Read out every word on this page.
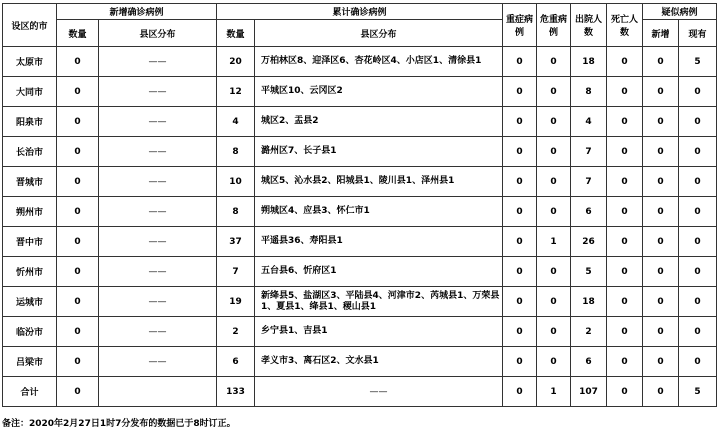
设区的市	新增确诊病例		累计确诊病例		重症病例	危重病例	出院人数	死亡人数	疑似病例	
	数量	县区分布	数量	县区分布					新增	现有
太原市	0	——	20	万柏林区8、迎泽区6、杏花岭区4、小店区1、清徐县1	0	0	18	0	0	5
大同市	0	——	12	平城区10、云冈区2	0	0	8	0	0	0
阳泉市	0	——	4	城区2、盂县2	0	0	4	0	0	0
长治市	0	——	8	潞州区7、长子县1	0	0	7	0	0	0
晋城市	0	——	10	城区5、沁水县2、阳城县1、陵川县1、泽州县1	0	0	7	0	0	0
朔州市	0	——	8	朔城区4、应县3、怀仁市1	0	0	6	0	0	0
晋中市	0	——	37	平遥县36、寿阳县1	0	1	26	0	0	0
忻州市	0	——	7	五台县6、忻府区1	0	0	5	0	0	0
运城市	0	——	19	新绛县5、盐湖区3、平陆县4、河津市2、芮城县1、万荣县1、夏县1、绛县1、稷山县1	0	0	18	0	0	0
临汾市	0	——	2	乡宁县1、吉县1	0	0	2	0	0	0
吕梁市	0	——	6	孝义市3、离石区2、文水县1	0	0	6	0	0	0
合计	0		133	——	0	1	107	0	0	5
备注：2020年2月27日1时7分发布的数据已于8时订正。
